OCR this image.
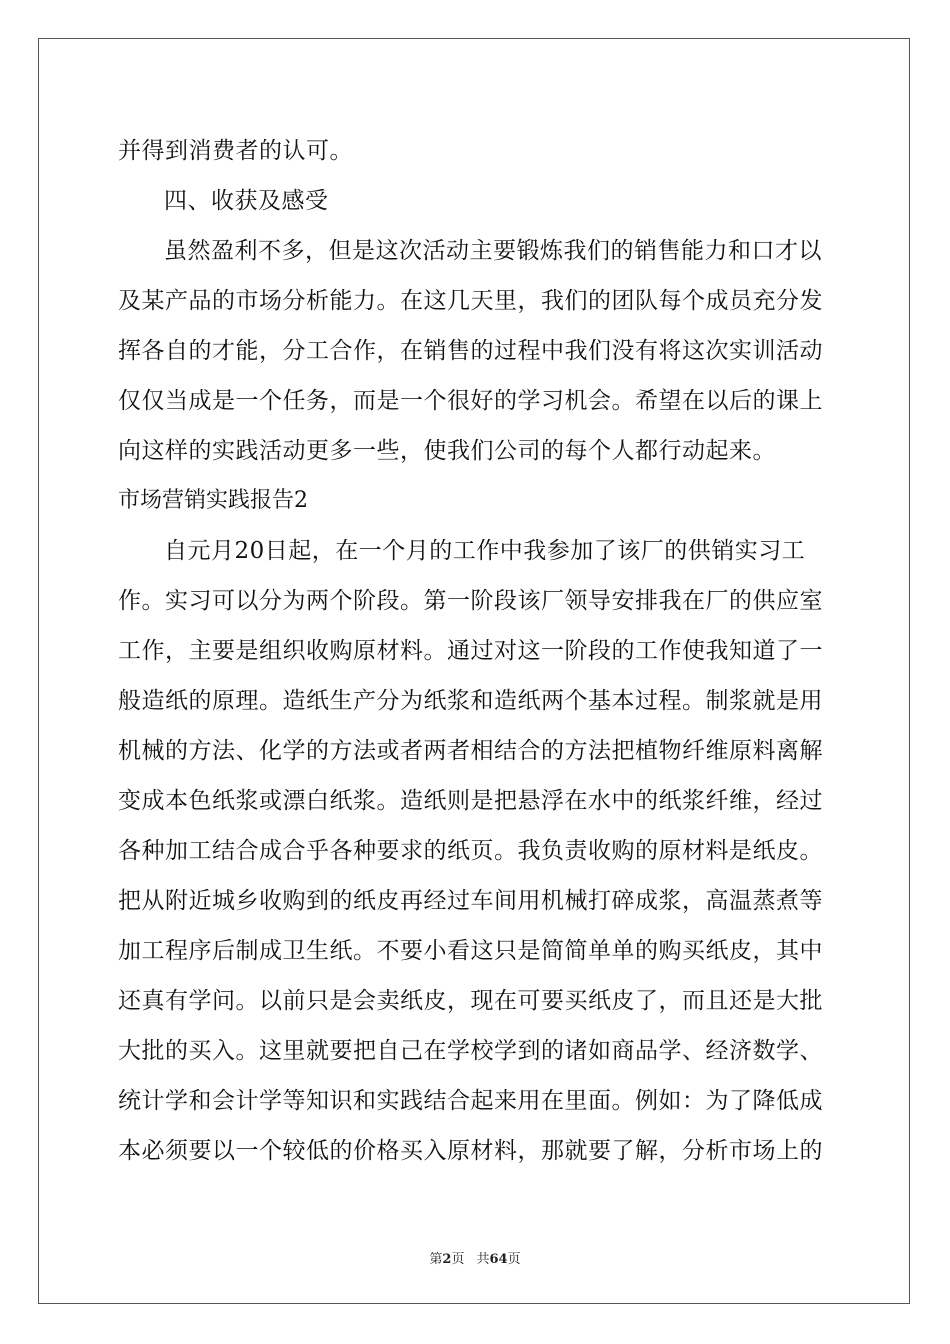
并得到消费者的认可。
四、收获及感受
虽然盈利不多，但是这次活动主要锻炼我们的销售能力和口才以
及某产品的市场分析能力。在这几天里，我们的团队每个成员充分发
挥各自的才能，分工合作，在销售的过程中我们没有将这次实训活动
仅仅当成是一个任务，而是一个很好的学习机会。希望在以后的课上
向这样的实践活动更多一些，使我们公司的每个人都行动起来。
市场营销实践报告2
自元月20日起，在一个月的工作中我参加了该厂的供销实习工
作。实习可以分为两个阶段。第一阶段该厂领导安排我在厂的供应室
工作，主要是组织收购原材料。通过对这一阶段的工作使我知道了一
般造纸的原理。造纸生产分为纸浆和造纸两个基本过程。制浆就是用
机械的方法、化学的方法或者两者相结合的方法把植物纤维原料离解
变成本色纸浆或漂白纸浆。造纸则是把悬浮在水中的纸浆纤维，经过
各种加工结合成合乎各种要求的纸页。我负责收购的原材料是纸皮。
把从附近城乡收购到的纸皮再经过车间用机械打碎成浆，高温蒸煮等
加工程序后制成卫生纸。不要小看这只是简简单单的购买纸皮，其中
还真有学问。以前只是会卖纸皮，现在可要买纸皮了，而且还是大批
大批的买入。这里就要把自己在学校学到的诸如商品学、经济数学、
统计学和会计学等知识和实践结合起来用在里面。例如：为了降低成
本必须要以一个较低的价格买入原材料，那就要了解，分析市场上的
第2页 共64页
